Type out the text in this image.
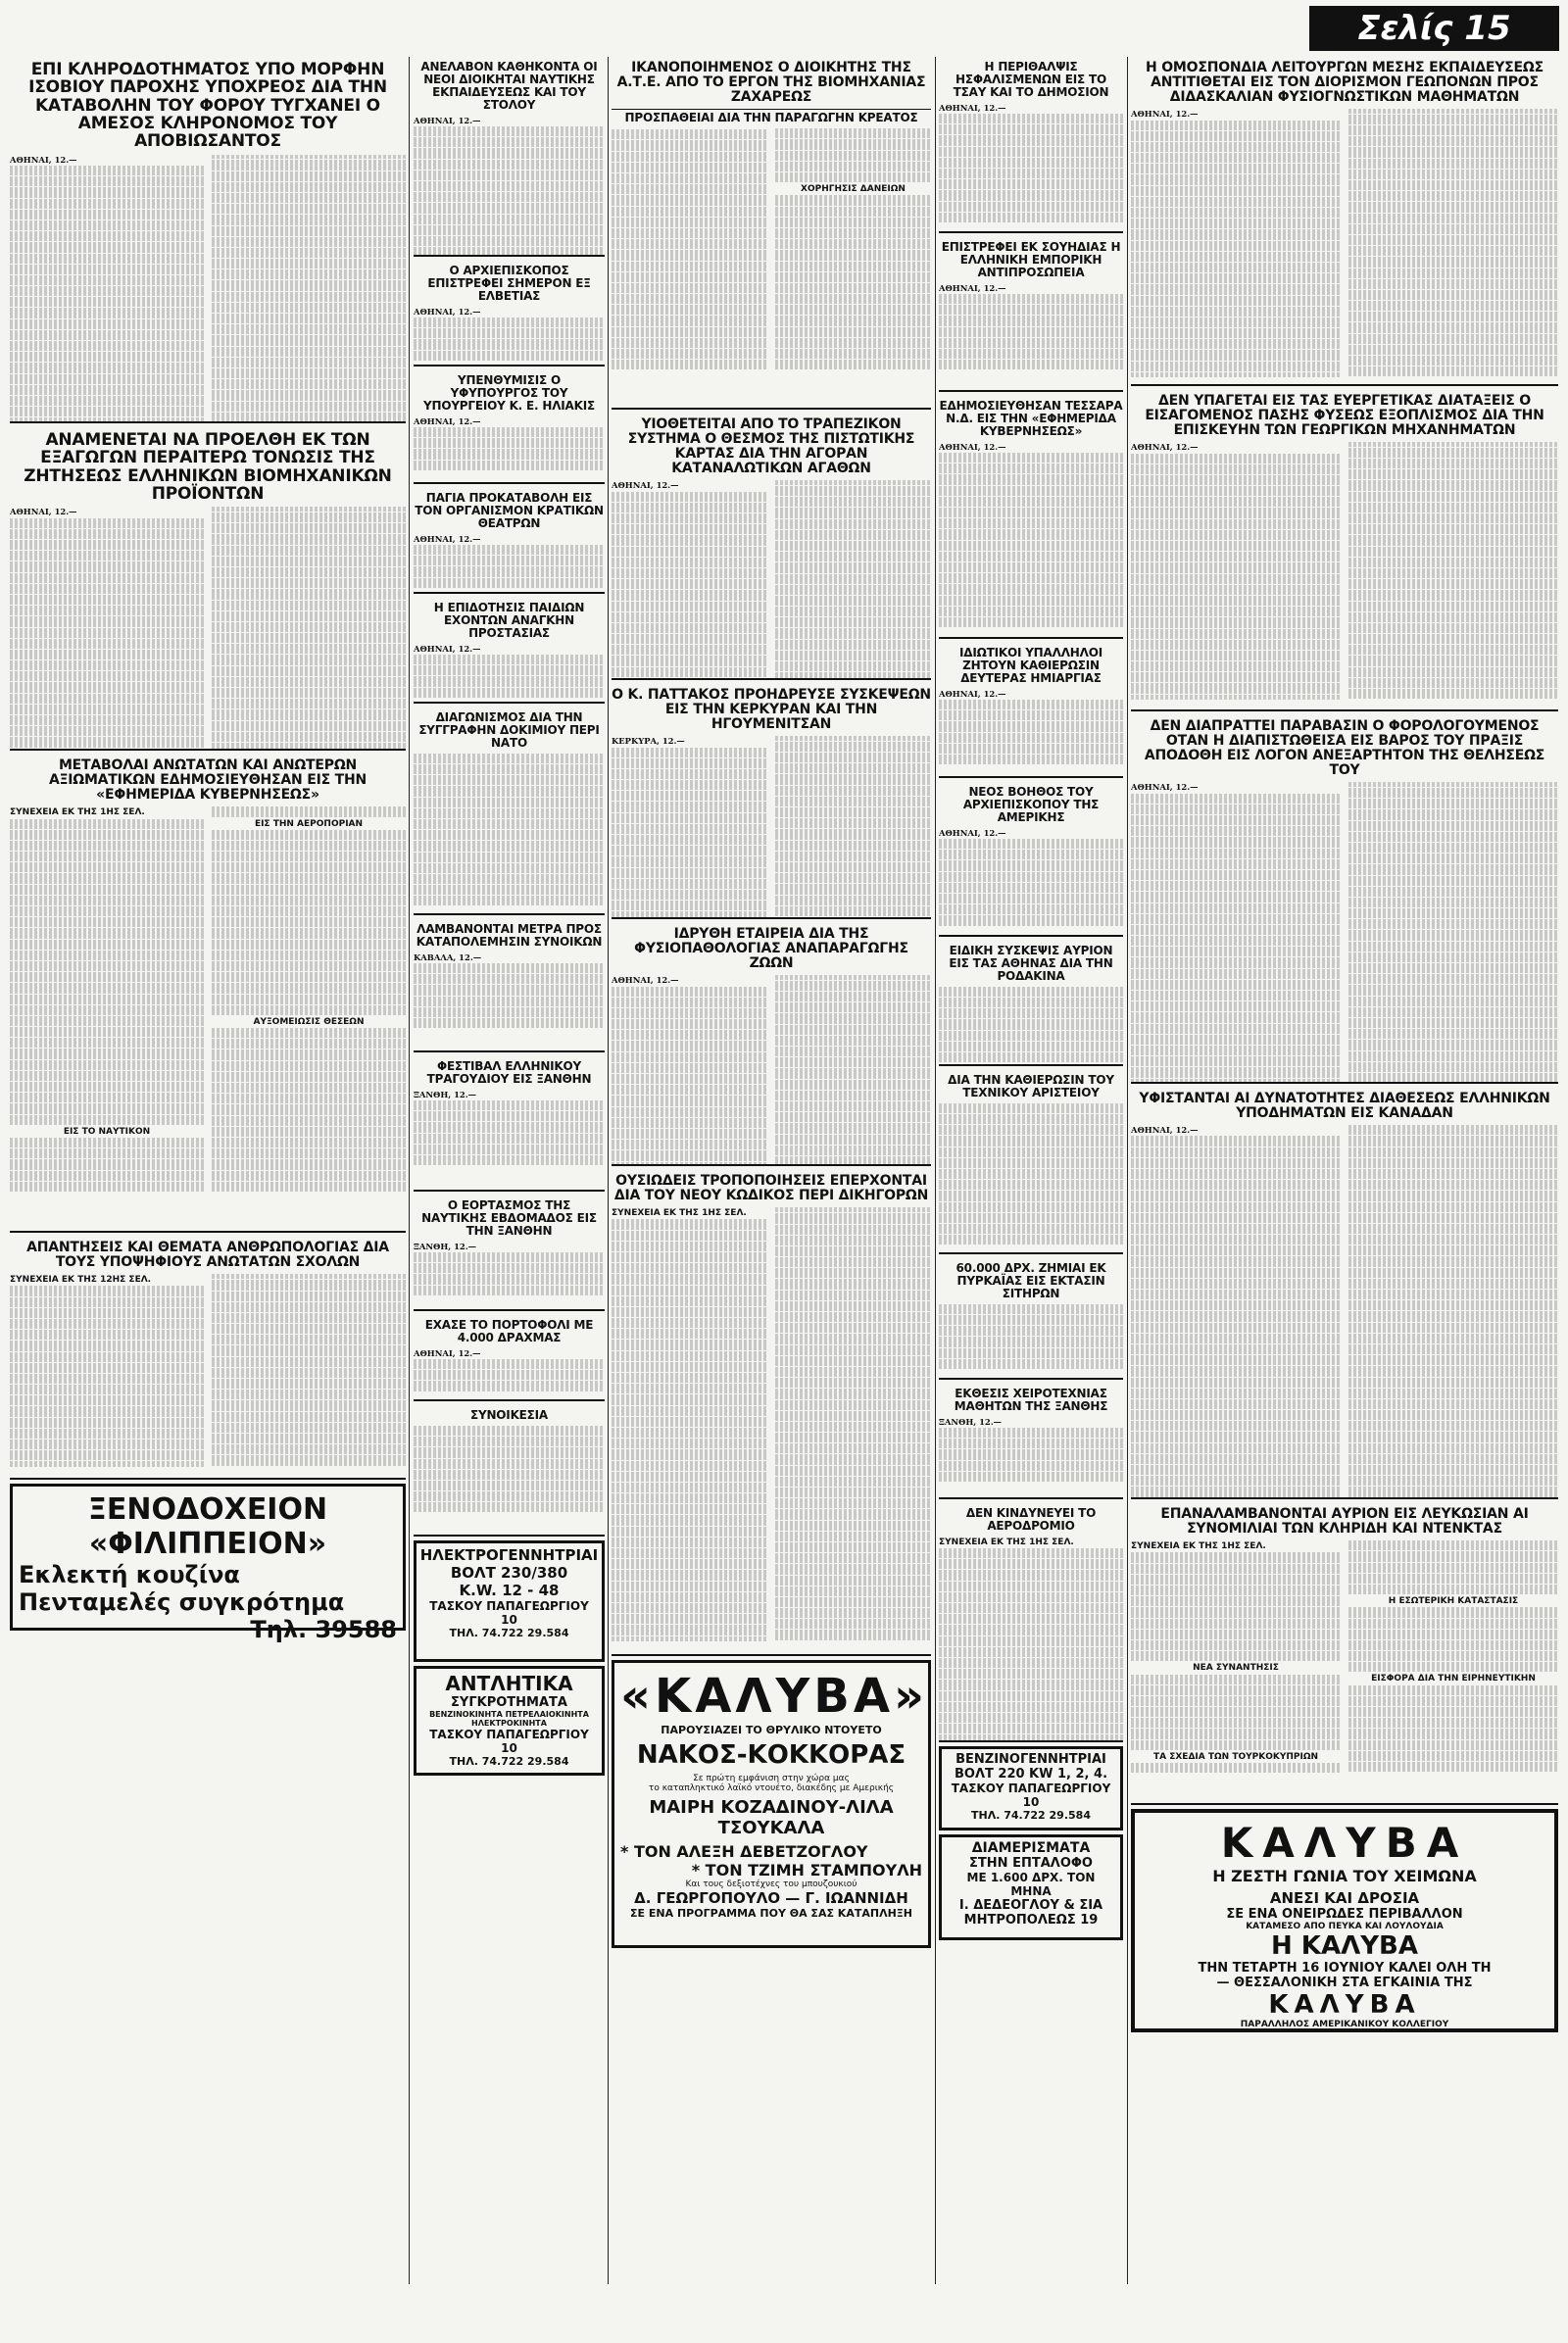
Σελίς 15
ΕΠΙ ΚΛΗΡΟΔΟΤΗΜΑΤΟΣ ΥΠΟ ΜΟΡΦΗΝ ΙΣΟΒΙΟΥ ΠΑΡΟΧΗΣ ΥΠΟΧΡΕΟΣ ΔΙΑ ΤΗΝ ΚΑΤΑΒΟΛΗΝ ΤΟΥ ΦΟΡΟΥ ΤΥΓΧΑΝΕΙ Ο ΑΜΕΣΟΣ ΚΛΗΡΟΝΟΜΟΣ ΤΟΥ ΑΠΟΒΙΩΣΑΝΤΟΣ

ΑΘΗΝΑΙ, 12.—

ΑΝΑΜΕΝΕΤΑΙ ΝΑ ΠΡΟΕΛΘΗ ΕΚ ΤΩΝ ΕΞΑΓΩΓΩΝ ΠΕΡΑΙΤΕΡΩ ΤΟΝΩΣΙΣ ΤΗΣ ΖΗΤΗΣΕΩΣ ΕΛΛΗΝΙΚΩΝ ΒΙΟΜΗΧΑΝΙΚΩΝ ΠΡΟΪΟΝΤΩΝ

ΑΘΗΝΑΙ, 12.—

ΜΕΤΑΒΟΛΑΙ ΑΝΩΤΑΤΩΝ ΚΑΙ ΑΝΩΤΕΡΩΝ ΑΞΙΩΜΑΤΙΚΩΝ ΕΔΗΜΟΣΙΕΥΘΗΣΑΝ ΕΙΣ ΤΗΝ «ΕΦΗΜΕΡΙΔΑ ΚΥΒΕΡΝΗΣΕΩΣ»

ΣΥΝΕΧΕΙΑ ΕΚ ΤΗΣ 1ΗΣ ΣΕΛ.

ΕΙΣ ΤΟ ΝΑΥΤΙΚΟΝ

ΕΙΣ ΤΗΝ ΑΕΡΟΠΟΡΙΑΝ

ΑΥΞΟΜΕΙΩΣΙΣ ΘΕΣΕΩΝ

ΑΠΑΝΤΗΣΕΙΣ ΚΑΙ ΘΕΜΑΤΑ ΑΝΘΡΩΠΟΛΟΓΙΑΣ ΔΙΑ ΤΟΥΣ ΥΠΟΨΗΦΙΟΥΣ ΑΝΩΤΑΤΩΝ ΣΧΟΛΩΝ

ΣΥΝΕΧΕΙΑ ΕΚ ΤΗΣ 12ΗΣ ΣΕΛ.

ΞΕΝΟΔΟΧΕΙΟΝ
«ΦΙΛΙΠΠΕΙΟΝ»
Εκλεκτή κουζίνα
Πενταμελές συγκρότημα
Τηλ. 39588
ΑΝΕΛΑΒΟΝ ΚΑΘΗΚΟΝΤΑ ΟΙ ΝΕΟΙ ΔΙΟΙΚΗΤΑΙ ΝΑΥΤΙΚΗΣ ΕΚΠΑΙΔΕΥΣΕΩΣ ΚΑΙ ΤΟΥ ΣΤΟΛΟΥ

ΑΘΗΝΑΙ, 12.—

Ο ΑΡΧΙΕΠΙΣΚΟΠΟΣ ΕΠΙΣΤΡΕΦΕΙ ΣΗΜΕΡΟΝ ΕΞ ΕΛΒΕΤΙΑΣ

ΑΘΗΝΑΙ, 12.—

ΥΠΕΝΘΥΜΙΣΙΣ Ο ΥΦΥΠΟΥΡΓΟΣ ΤΟΥ ΥΠΟΥΡΓΕΙΟΥ Κ. Ε. ΗΛΙΑΚΙΣ

ΑΘΗΝΑΙ, 12.—

ΠΑΓΙΑ ΠΡΟΚΑΤΑΒΟΛΗ ΕΙΣ ΤΟΝ ΟΡΓΑΝΙΣΜΟΝ ΚΡΑΤΙΚΩΝ ΘΕΑΤΡΩΝ

ΑΘΗΝΑΙ, 12.—

Η ΕΠΙΔΟΤΗΣΙΣ ΠΑΙΔΙΩΝ ΕΧΟΝΤΩΝ ΑΝΑΓΚΗΝ ΠΡΟΣΤΑΣΙΑΣ

ΑΘΗΝΑΙ, 12.—

ΔΙΑΓΩΝΙΣΜΟΣ ΔΙΑ ΤΗΝ ΣΥΓΓΡΑΦΗΝ ΔΟΚΙΜΙΟΥ ΠΕΡΙ ΝΑΤΟ
ΛΑΜΒΑΝΟΝΤΑΙ ΜΕΤΡΑ ΠΡΟΣ ΚΑΤΑΠΟΛΕΜΗΣΙΝ ΣΥΝΟΙΚΩΝ

ΚΑΒΑΛΑ, 12.—

ΦΕΣΤΙΒΑΛ ΕΛΛΗΝΙΚΟΥ ΤΡΑΓΟΥΔΙΟΥ ΕΙΣ ΞΑΝΘΗΝ

ΞΑΝΘΗ, 12.—

Ο ΕΟΡΤΑΣΜΟΣ ΤΗΣ ΝΑΥΤΙΚΗΣ ΕΒΔΟΜΑΔΟΣ ΕΙΣ ΤΗΝ ΞΑΝΘΗΝ

ΞΑΝΘΗ, 12.—

ΕΧΑΣΕ ΤΟ ΠΟΡΤΟΦΟΛΙ ΜΕ 4.000 ΔΡΑΧΜΑΣ

ΑΘΗΝΑΙ, 12.—

ΣΥΝΟΙΚΕΣΙΑ
ΗΛΕΚΤΡΟΓΕΝΝΗΤΡΙΑΙ
ΒΟΛΤ 230/380
Κ.W. 12 - 48
ΤΑΣΚΟΥ ΠΑΠΑΓΕΩΡΓΙΟΥ 10
ΤΗΛ. 74.722 29.584
ΑΝΤΛΗΤΙΚΑ
ΣΥΓΚΡΟΤΗΜΑΤΑ
ΒΕΝΖΙΝΟΚΙΝΗΤΑ ΠΕΤΡΕΛΑΙΟΚΙΝΗΤΑ ΗΛΕΚΤΡΟΚΙΝΗΤΑ
ΤΑΣΚΟΥ ΠΑΠΑΓΕΩΡΓΙΟΥ 10
ΤΗΛ. 74.722 29.584
ΙΚΑΝΟΠΟΙΗΜΕΝΟΣ Ο ΔΙΟΙΚΗΤΗΣ ΤΗΣ Α.Τ.Ε. ΑΠΟ ΤΟ ΕΡΓΟΝ ΤΗΣ ΒΙΟΜΗΧΑΝΙΑΣ ΖΑΧΑΡΕΩΣ
ΠΡΟΣΠΑΘΕΙΑΙ ΔΙΑ ΤΗΝ ΠΑΡΑΓΩΓΗΝ ΚΡΕΑΤΟΣ

ΧΟΡΗΓΗΣΙΣ ΔΑΝΕΙΩΝ

ΥΙΟΘΕΤΕΙΤΑΙ ΑΠΟ ΤΟ ΤΡΑΠΕΖΙΚΟΝ ΣΥΣΤΗΜΑ Ο ΘΕΣΜΟΣ ΤΗΣ ΠΙΣΤΩΤΙΚΗΣ ΚΑΡΤΑΣ ΔΙΑ ΤΗΝ ΑΓΟΡΑΝ ΚΑΤΑΝΑΛΩΤΙΚΩΝ ΑΓΑΘΩΝ

ΑΘΗΝΑΙ, 12.—

Ο Κ. ΠΑΤΤΑΚΟΣ ΠΡΟΗΔΡΕΥΣΕ ΣΥΣΚΕΨΕΩΝ ΕΙΣ ΤΗΝ ΚΕΡΚΥΡΑΝ ΚΑΙ ΤΗΝ ΗΓΟΥΜΕΝΙΤΣΑΝ

ΚΕΡΚΥΡΑ, 12.—

ΙΔΡΥΘΗ ΕΤΑΙΡΕΙΑ ΔΙΑ ΤΗΣ ΦΥΣΙΟΠΑΘΟΛΟΓΙΑΣ ΑΝΑΠΑΡΑΓΩΓΗΣ ΖΩΩΝ

ΑΘΗΝΑΙ, 12.—

ΟΥΣΙΩΔΕΙΣ ΤΡΟΠΟΠΟΙΗΣΕΙΣ ΕΠΕΡΧΟΝΤΑΙ ΔΙΑ ΤΟΥ ΝΕΟΥ ΚΩΔΙΚΟΣ ΠΕΡΙ ΔΙΚΗΓΟΡΩΝ

ΣΥΝΕΧΕΙΑ ΕΚ ΤΗΣ 1ΗΣ ΣΕΛ.

«ΚΑΛΥΒΑ»
ΠΑΡΟΥΣΙΑΖΕΙ ΤΟ ΘΡΥΛΙΚΟ ΝΤΟΥΕΤΟ
ΝΑΚΟΣ-ΚΟΚΚΟΡΑΣ
Σε πρώτη εμφάνιση στην χώρα μας
το καταπληκτικό λαϊκό ντουέτο, διακέδης με Αμερικής
ΜΑΙΡΗ ΚΟΖΑΔΙΝΟΥ-ΛΙΛΑ ΤΣΟΥΚΑΛΑ
* ΤΟΝ ΑΛΕΞΗ ΔΕΒΕΤΖΟΓΛΟΥ
* ΤΟΝ ΤΖΙΜΗ ΣΤΑΜΠΟΥΛΗ
Και τους δεξιοτέχνες του μπουζουκιού
Δ. ΓΕΩΡΓΟΠΟΥΛΟ — Γ. ΙΩΑΝΝΙΔΗ
ΣΕ ΕΝΑ ΠΡΟΓΡΑΜΜΑ ΠΟΥ ΘΑ ΣΑΣ ΚΑΤΑΠΛΗΞΗ
Η ΠΕΡΙΘΑΛΨΙΣ ΗΣΦΑΛΙΣΜΕΝΩΝ ΕΙΣ ΤΟ ΤΣΑΥ ΚΑΙ ΤΟ ΔΗΜΟΣΙΟΝ

ΑΘΗΝΑΙ, 12.—

ΕΠΙΣΤΡΕΦΕΙ ΕΚ ΣΟΥΗΔΙΑΣ Η ΕΛΛΗΝΙΚΗ ΕΜΠΟΡΙΚΗ ΑΝΤΙΠΡΟΣΩΠΕΙΑ

ΑΘΗΝΑΙ, 12.—

ΕΔΗΜΟΣΙΕΥΘΗΣΑΝ ΤΕΣΣΑΡΑ Ν.Δ. ΕΙΣ ΤΗΝ «ΕΦΗΜΕΡΙΔΑ ΚΥΒΕΡΝΗΣΕΩΣ»

ΑΘΗΝΑΙ, 12.—

ΙΔΙΩΤΙΚΟΙ ΥΠΑΛΛΗΛΟΙ ΖΗΤΟΥΝ ΚΑΘΙΕΡΩΣΙΝ ΔΕΥΤΕΡΑΣ ΗΜΙΑΡΓΙΑΣ

ΑΘΗΝΑΙ, 12.—

ΝΕΟΣ ΒΟΗΘΟΣ ΤΟΥ ΑΡΧΙΕΠΙΣΚΟΠΟΥ ΤΗΣ ΑΜΕΡΙΚΗΣ

ΑΘΗΝΑΙ, 12.—

ΕΙΔΙΚΗ ΣΥΣΚΕΨΙΣ ΑΥΡΙΟΝ ΕΙΣ ΤΑΣ ΑΘΗΝΑΣ ΔΙΑ ΤΗΝ ΡΟΔΑΚΙΝΑ
ΔΙΑ ΤΗΝ ΚΑΘΙΕΡΩΣΙΝ ΤΟΥ ΤΕΧΝΙΚΟΥ ΑΡΙΣΤΕΙΟΥ
60.000 ΔΡΧ. ΖΗΜΙΑΙ ΕΚ ΠΥΡΚΑΪΑΣ ΕΙΣ ΕΚΤΑΣΙΝ ΣΙΤΗΡΩΝ
ΕΚΘΕΣΙΣ ΧΕΙΡΟΤΕΧΝΙΑΣ ΜΑΘΗΤΩΝ ΤΗΣ ΞΑΝΘΗΣ

ΞΑΝΘΗ, 12.—

ΔΕΝ ΚΙΝΔΥΝΕΥΕΙ ΤΟ ΑΕΡΟΔΡΟΜΙΟ

ΣΥΝΕΧΕΙΑ ΕΚ ΤΗΣ 1ΗΣ ΣΕΛ.

ΒΕΝΖΙΝΟΓΕΝΝΗΤΡΙΑΙ
ΒΟΛΤ 220 KW 1, 2, 4.
ΤΑΣΚΟΥ ΠΑΠΑΓΕΩΡΓΙΟΥ 10
ΤΗΛ. 74.722 29.584
ΔΙΑΜΕΡΙΣΜΑΤΑ
ΣΤΗΝ ΕΠΤΑΛΟΦΟ
ΜΕ 1.600 ΔΡΧ. ΤΟΝ ΜΗΝΑ
Ι. ΔΕΔΕΟΓΛΟΥ & ΣΙΑ
ΜΗΤΡΟΠΟΛΕΩΣ 19
Η ΟΜΟΣΠΟΝΔΙΑ ΛΕΙΤΟΥΡΓΩΝ ΜΕΣΗΣ ΕΚΠΑΙΔΕΥΣΕΩΣ ΑΝΤΙΤΙΘΕΤΑΙ ΕΙΣ ΤΟΝ ΔΙΟΡΙΣΜΟΝ ΓΕΩΠΟΝΩΝ ΠΡΟΣ ΔΙΔΑΣΚΑΛΙΑΝ ΦΥΣΙΟΓΝΩΣΤΙΚΩΝ ΜΑΘΗΜΑΤΩΝ

ΑΘΗΝΑΙ, 12.—

ΔΕΝ ΥΠΑΓΕΤΑΙ ΕΙΣ ΤΑΣ ΕΥΕΡΓΕΤΙΚΑΣ ΔΙΑΤΑΞΕΙΣ Ο ΕΙΣΑΓΟΜΕΝΟΣ ΠΑΣΗΣ ΦΥΣΕΩΣ ΕΞΟΠΛΙΣΜΟΣ ΔΙΑ ΤΗΝ ΕΠΙΣΚΕΥΗΝ ΤΩΝ ΓΕΩΡΓΙΚΩΝ ΜΗΧΑΝΗΜΑΤΩΝ

ΑΘΗΝΑΙ, 12.—

ΔΕΝ ΔΙΑΠΡΑΤΤΕΙ ΠΑΡΑΒΑΣΙΝ Ο ΦΟΡΟΛΟΓΟΥΜΕΝΟΣ ΟΤΑΝ Η ΔΙΑΠΙΣΤΩΘΕΙΣΑ ΕΙΣ ΒΑΡΟΣ ΤΟΥ ΠΡΑΞΙΣ ΑΠΟΔΟΘΗ ΕΙΣ ΛΟΓΟΝ ΑΝΕΞΑΡΤΗΤΟΝ ΤΗΣ ΘΕΛΗΣΕΩΣ ΤΟΥ

ΑΘΗΝΑΙ, 12.—

ΥΦΙΣΤΑΝΤΑΙ ΑΙ ΔΥΝΑΤΟΤΗΤΕΣ ΔΙΑΘΕΣΕΩΣ ΕΛΛΗΝΙΚΩΝ ΥΠΟΔΗΜΑΤΩΝ ΕΙΣ ΚΑΝΑΔΑΝ

ΑΘΗΝΑΙ, 12.—

ΕΠΑΝΑΛΑΜΒΑΝΟΝΤΑΙ ΑΥΡΙΟΝ ΕΙΣ ΛΕΥΚΩΣΙΑΝ ΑΙ ΣΥΝΟΜΙΛΙΑΙ ΤΩΝ ΚΛΗΡΙΔΗ ΚΑΙ ΝΤΕΝΚΤΑΣ

ΣΥΝΕΧΕΙΑ ΕΚ ΤΗΣ 1ΗΣ ΣΕΛ.

ΝΕΑ ΣΥΝΑΝΤΗΣΙΣ

ΤΑ ΣΧΕΔΙΑ ΤΩΝ ΤΟΥΡΚΟΚΥΠΡΙΩΝ

Η ΕΣΩΤΕΡΙΚΗ ΚΑΤΑΣΤΑΣΙΣ

ΕΙΣΦΟΡΑ ΔΙΑ ΤΗΝ ΕΙΡΗΝΕΥΤΙΚΗΝ

ΚΑΛΥΒΑ
Η ΖΕΣΤΗ ΓΩΝΙΑ ΤΟΥ ΧΕΙΜΩΝΑ
ΑΝΕΣΙ ΚΑΙ ΔΡΟΣΙΑ
ΣΕ ΕΝΑ ΟΝΕΙΡΩΔΕΣ ΠΕΡΙΒΑΛΛΟΝ
ΚΑΤΑΜΕΣΟ ΑΠΟ ΠΕΥΚΑ ΚΑΙ ΛΟΥΛΟΥΔΙΑ
Η ΚΑΛΥΒΑ
ΤΗΝ ΤΕΤΑΡΤΗ 16 ΙΟΥΝΙΟΥ ΚΑΛΕΙ ΟΛΗ ΤΗ
— ΘΕΣΣΑΛΟΝΙΚΗ ΣΤΑ ΕΓΚΑΙΝΙΑ ΤΗΣ
ΚΑΛΥΒΑ
ΠΑΡΑΛΛΗΛΟΣ ΑΜΕΡΙΚΑΝΙΚΟΥ ΚΟΛΛΕΓΙΟΥ
